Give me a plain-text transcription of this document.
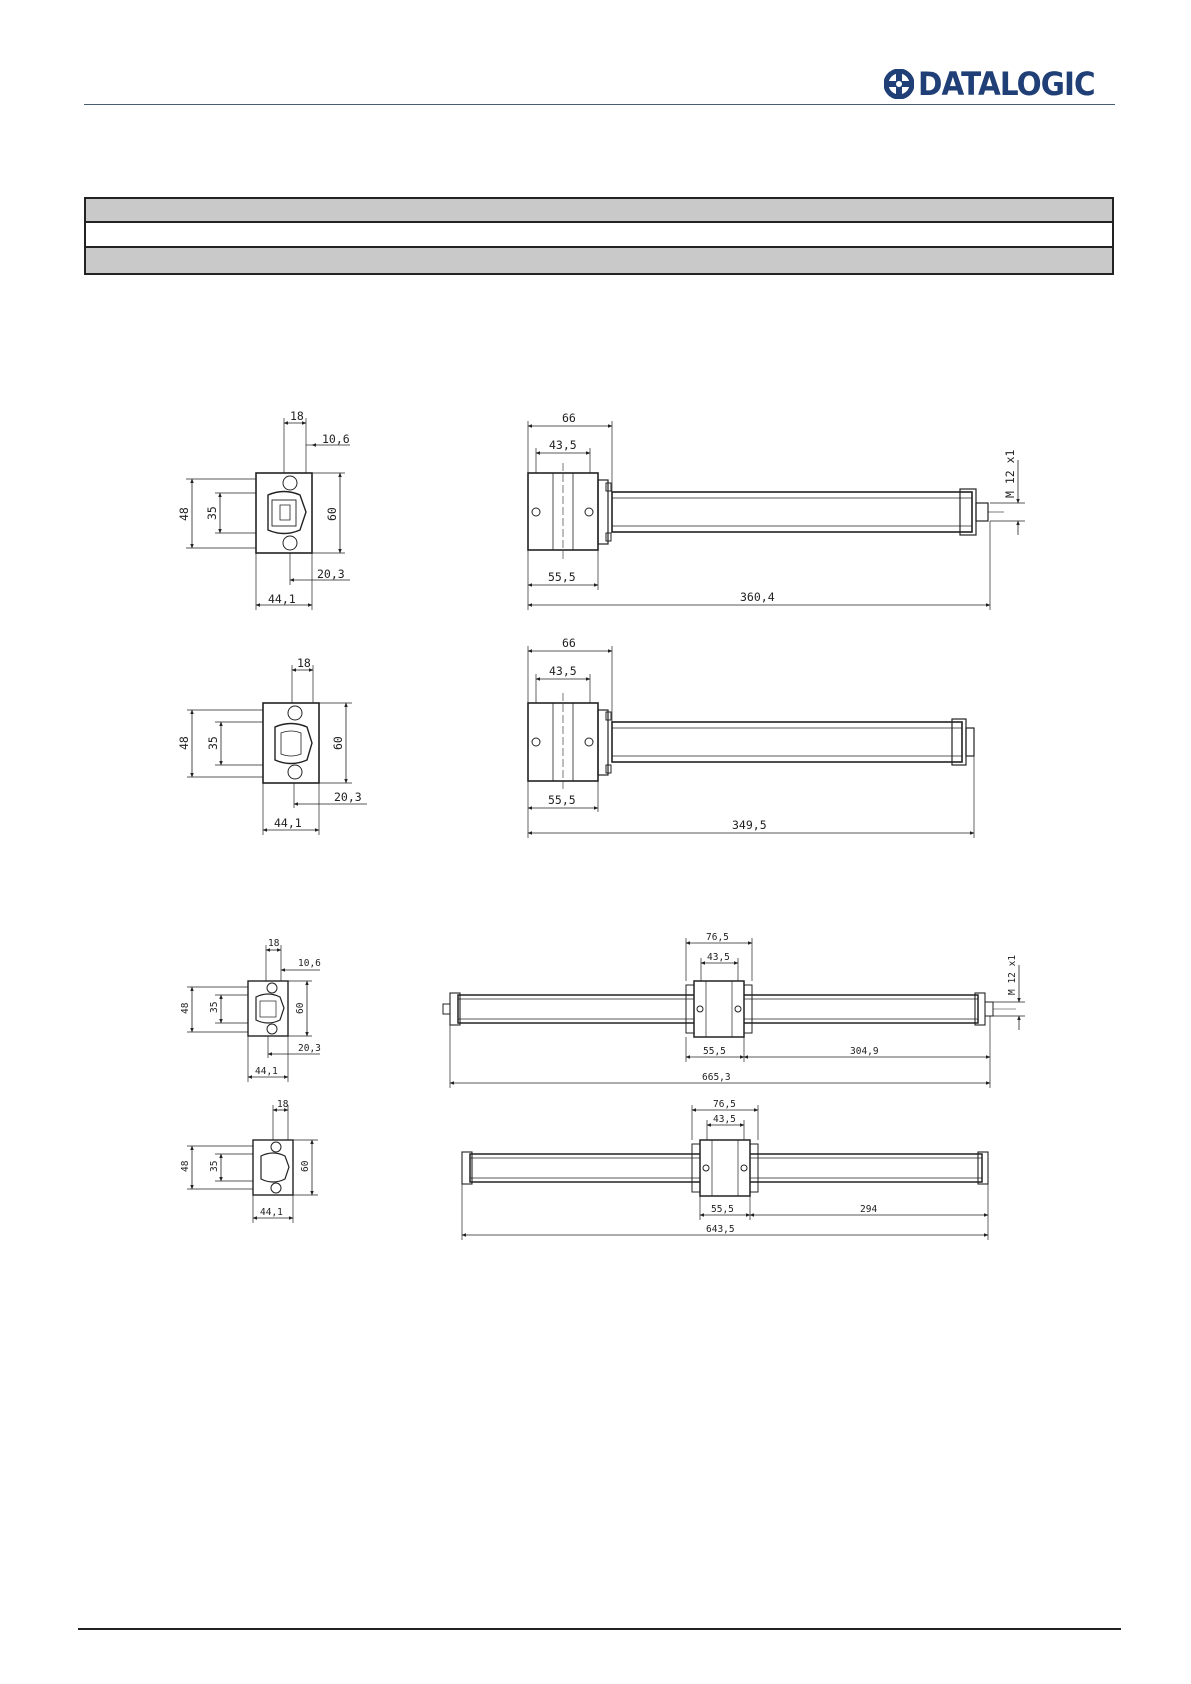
DATALOGIC
18
10,6
48 35	60
20,3
44,1
66
43,5
55,5
360,4
M 12 x1
18
48 35	60
20,3
44,1
66
43,5
55,5
349,5
18
10,6
48 35	60
20,3
44,1
76,5
43,5
55,5	304,9
665,3
M 12 x1
18
48 35	60
44,1
76,5
43,5
55,5	294
643,5
